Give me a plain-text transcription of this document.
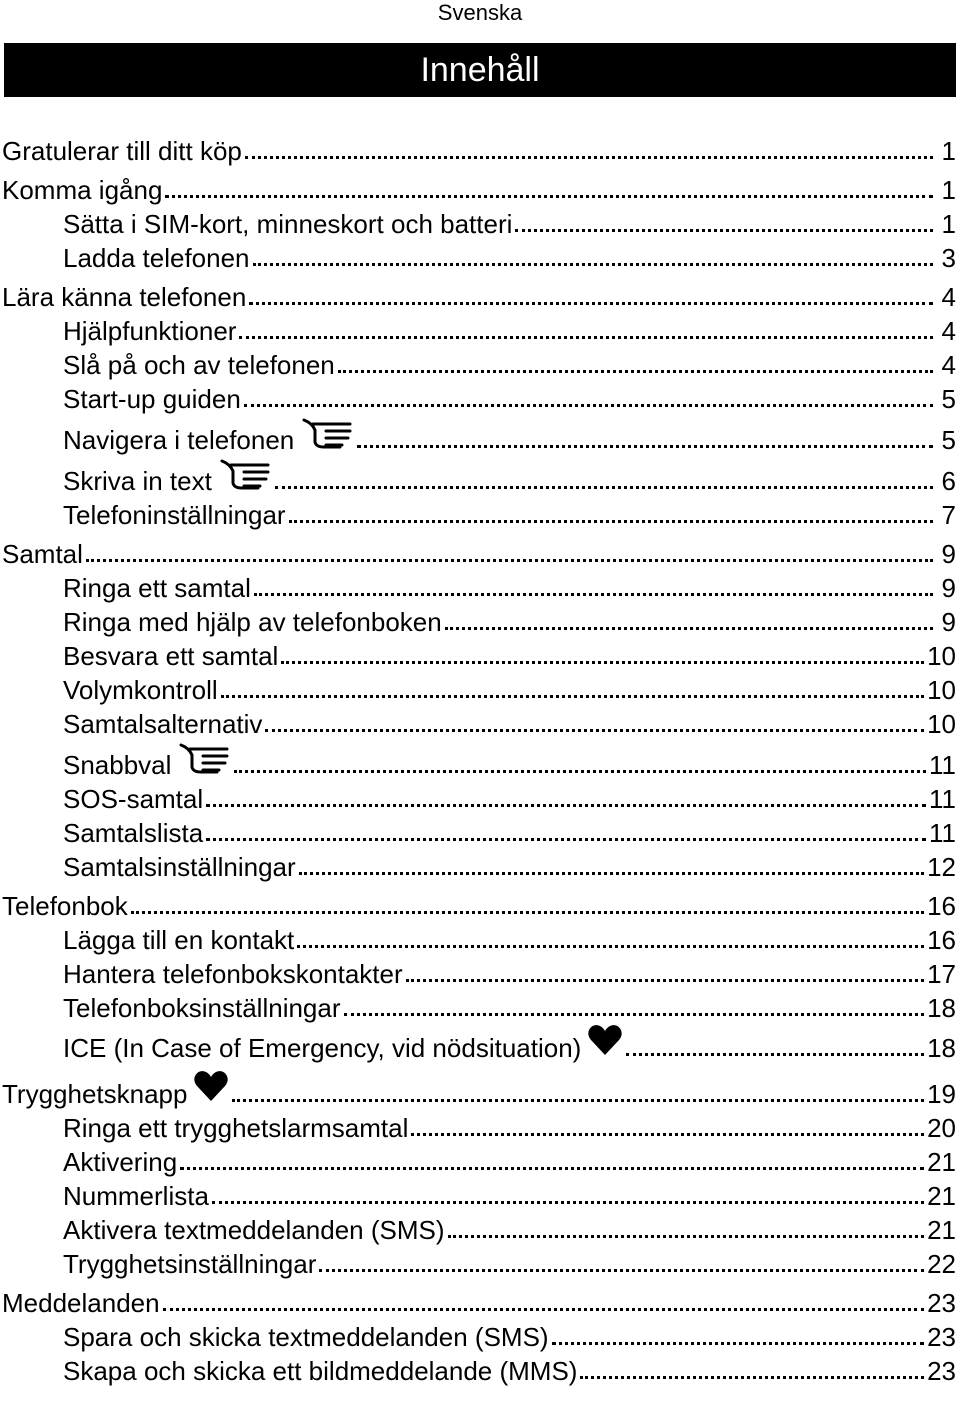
Svenska
Innehåll
Gratulerar till ditt köp	1
Komma igång	1
Sätta i SIM-kort, minneskort och batteri	1
Ladda telefonen	3
Lära känna telefonen	4
Hjälpfunktioner	4
Slå på och av telefonen	4
Start-up guiden	5
Navigera i telefonen	5
Skriva in text	6
Telefoninställningar	7
Samtal	9
Ringa ett samtal	9
Ringa med hjälp av telefonboken	9
Besvara ett samtal	10
Volymkontroll	10
Samtalsalternativ	10
Snabbval	11
SOS-samtal	11
Samtalslista	11
Samtalsinställningar	12
Telefonbok	16
Lägga till en kontakt	16
Hantera telefonbokskontakter	17
Telefonboksinställningar	18
ICE (In Case of Emergency, vid nödsituation)	18
Trygghetsknapp	19
Ringa ett trygghetslarmsamtal	20
Aktivering	21
Nummerlista	21
Aktivera textmeddelanden (SMS)	21
Trygghetsinställningar	22
Meddelanden	23
Spara och skicka textmeddelanden (SMS)	23
Skapa och skicka ett bildmeddelande (MMS)	23
